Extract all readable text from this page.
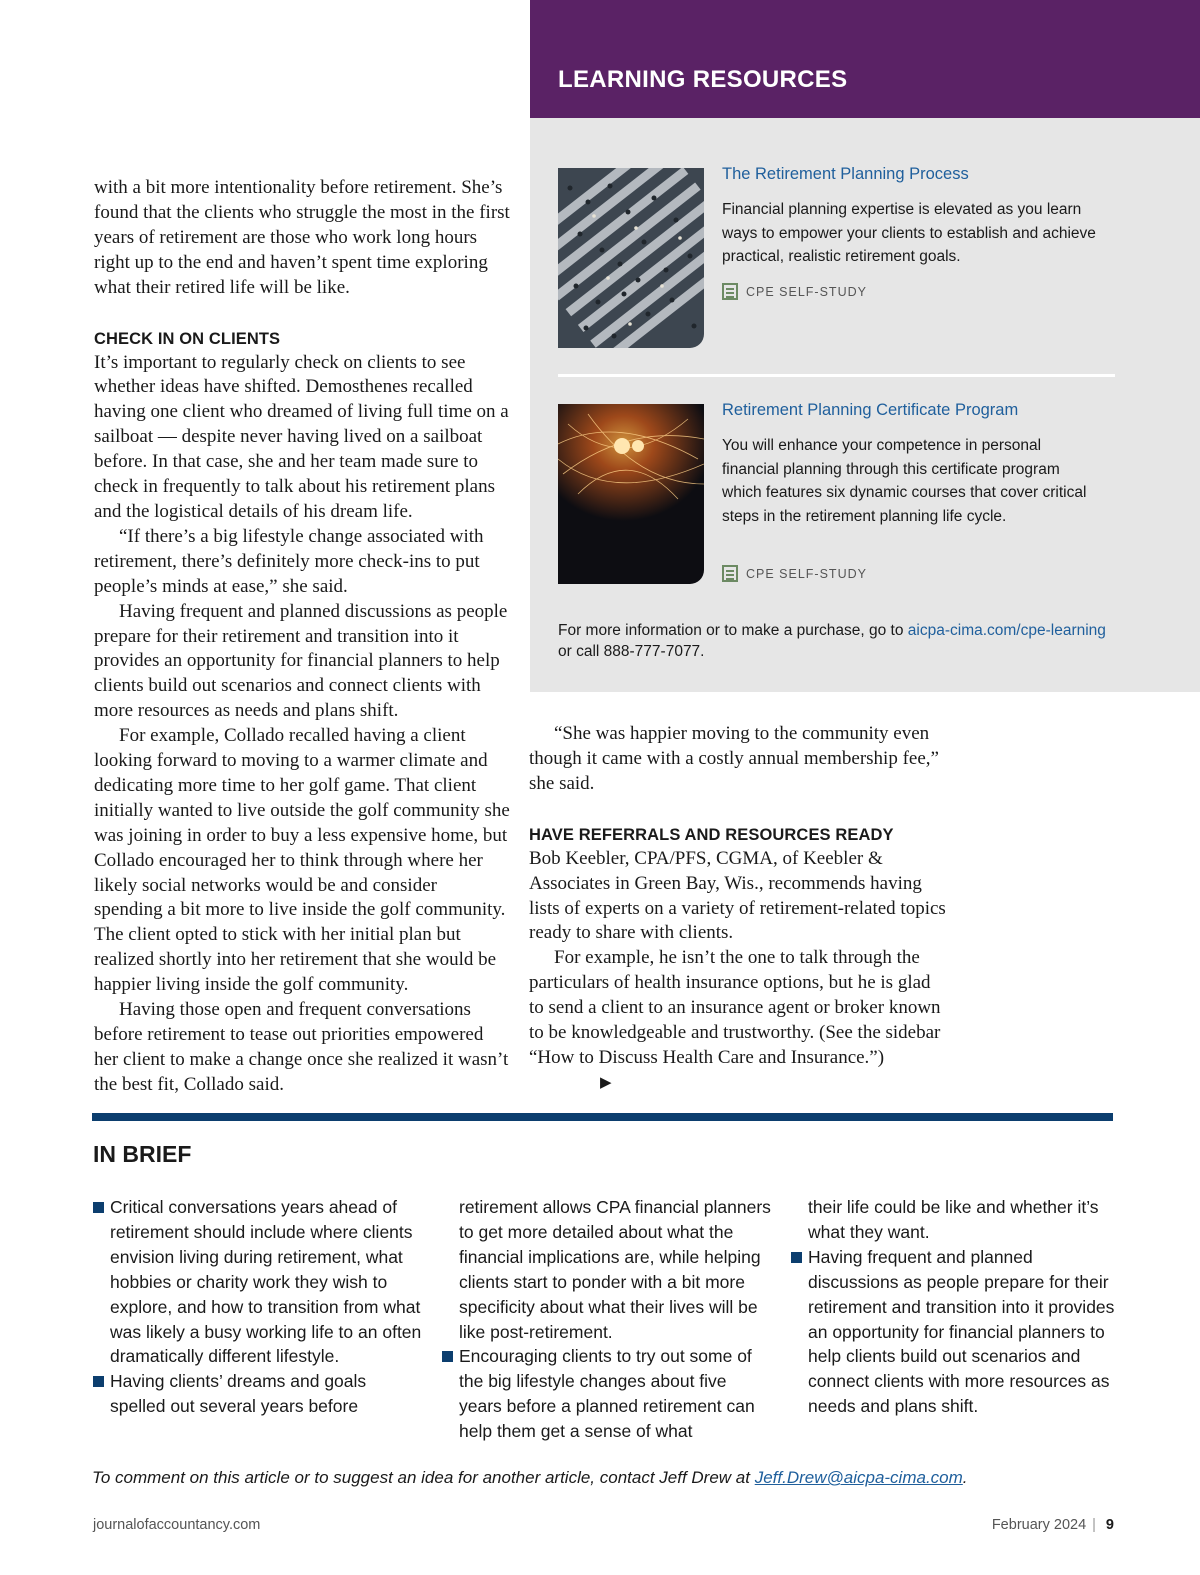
with a bit more intentionality before retirement. She’s found that the clients who struggle the most in the first years of retirement are those who work long hours right up to the end and haven’t spent time exploring what their retired life will be like.

CHECK IN ON CLIENTS

It’s important to regularly check on clients to see whether ideas have shifted. Demosthenes recalled having one client who dreamed of living full time on a sailboat — despite never having lived on a sailboat before. In that case, she and her team made sure to check in frequently to talk about his retirement plans and the logistical details of his dream life.

“If there’s a big lifestyle change associated with retirement, there’s definitely more check-ins to put people’s minds at ease,” she said.

Having frequent and planned discussions as people prepare for their retirement and transition into it provides an opportunity for financial planners to help clients build out scenarios and connect clients with more resources as needs and plans shift.

For example, Collado recalled having a client looking forward to moving to a warmer climate and dedicating more time to her golf game. That client initially wanted to live outside the golf community she was joining in order to buy a less expensive home, but Collado encouraged her to think through where her likely social networks would be and consider spending a bit more to live inside the golf community. The client opted to stick with her initial plan but realized shortly into her retirement that she would be happier living inside the golf community.

Having those open and frequent conversations before retirement to tease out priorities empowered her client to make a change once she realized it wasn’t the best fit, Collado said.

LEARNING RESOURCES
The Retirement Planning Process
Financial planning expertise is elevated as you learn ways to empower your clients to establish and achieve practical, realistic retirement goals.
CPE SELF-STUDY
Retirement Planning Certificate Program
You will enhance your competence in personal financial planning through this certificate program which features six dynamic courses that cover critical steps in the retirement planning life cycle.
CPE SELF-STUDY
For more information or to make a purchase, go to aicpa-cima.com/cpe-learning
or call 888-777-7077.

“She was happier moving to the community even though it came with a costly annual membership fee,” she said.

HAVE REFERRALS AND RESOURCES READY

Bob Keebler, CPA/PFS, CGMA, of Keebler & Associates in Green Bay, Wis., recommends having lists of experts on a variety of retirement-related topics ready to share with clients.

For example, he isn’t the one to talk through the particulars of health insurance options, but he is glad to send a client to an insurance agent or broker known to be knowledgeable and trustworthy. (See the sidebar “How to Discuss Health Care and Insurance.”)▶

IN BRIEF

Critical conversations years ahead of retirement should include where clients envision living during retirement, what hobbies or charity work they wish to explore, and how to transition from what was likely a busy working life to an often dramatically different lifestyle.

Having clients’ dreams and goals spelled out several years before

retirement allows CPA financial planners to get more detailed about what the financial implications are, while helping clients start to ponder with a bit more specificity about what their lives will be like post-retirement.

Encouraging clients to try out some of the big lifestyle changes about five years before a planned retirement can help them get a sense of what

their life could be like and whether it’s what they want.

Having frequent and planned discussions as people prepare for their retirement and transition into it provides an opportunity for financial planners to help clients build out scenarios and connect clients with more resources as needs and plans shift.

To comment on this article or to suggest an idea for another article, contact Jeff Drew at Jeff.Drew@aicpa-cima.com.
journalofaccountancy.com	February 2024 | 9
